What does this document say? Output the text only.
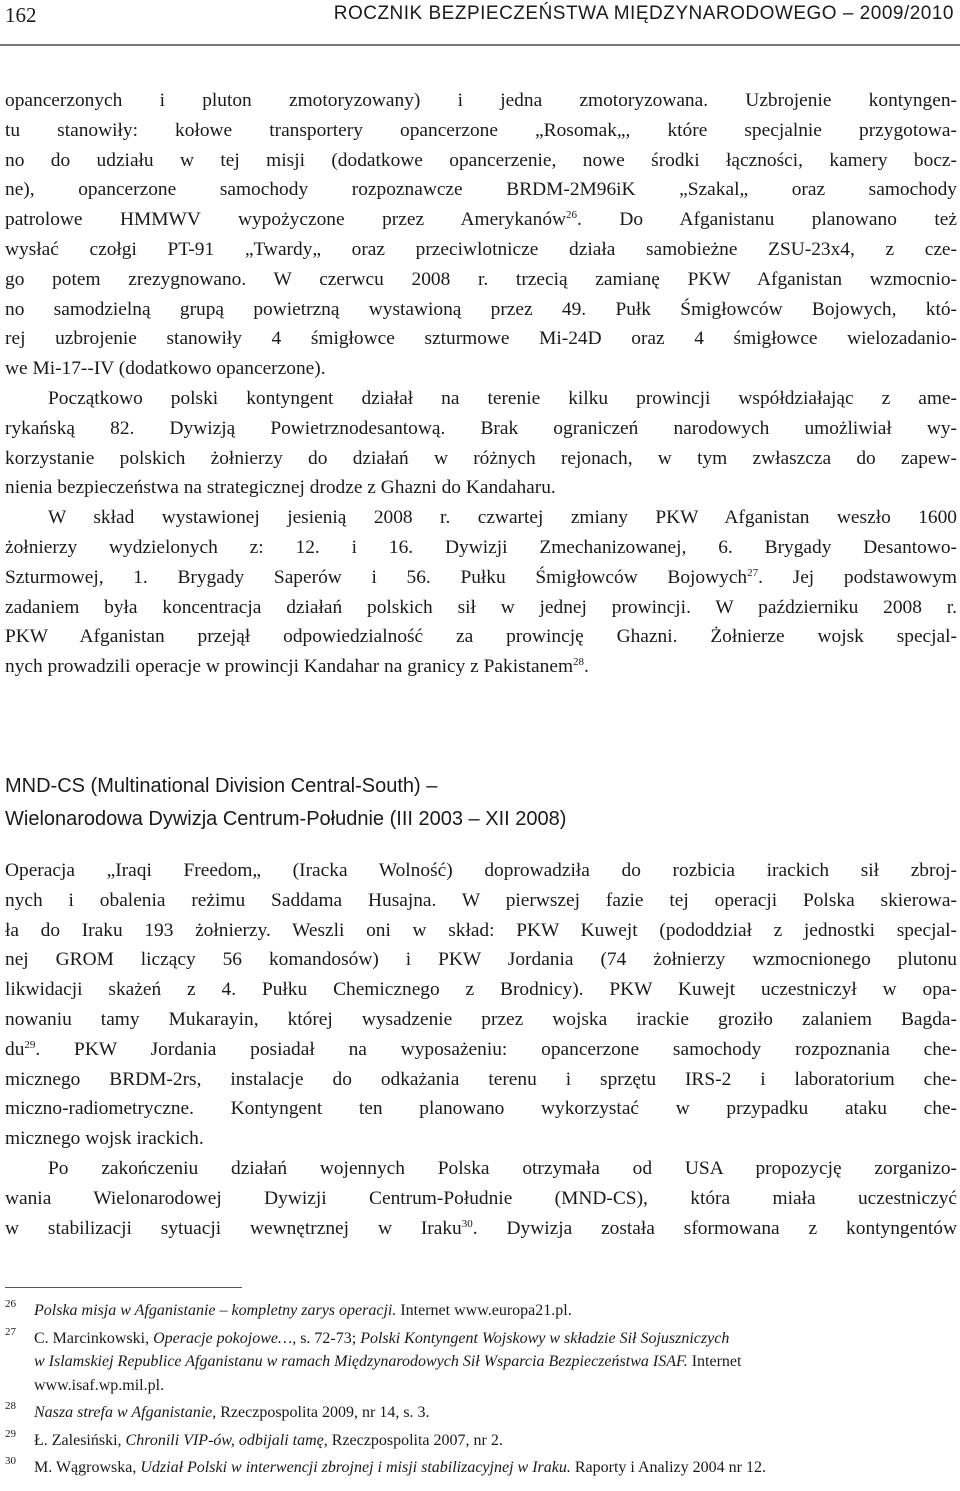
162	ROCZNIK BEZPIECZEŃSTWA MIĘDZYNARODOWEGO – 2009/2010
opancerzonych i pluton zmotoryzowany) i jedna zmotoryzowana. Uzbrojenie kontyngen-
tu stanowiły: kołowe transportery opancerzone „Rosomak„, które specjalnie przygotowa-
no do udziału w tej misji (dodatkowe opancerzenie, nowe środki łączności, kamery bocz-
ne), opancerzone samochody rozpoznawcze BRDM-2M96iK „Szakal„ oraz samochody
patrolowe HMMWV wypożyczone przez Amerykanów$^{26}$. Do Afganistanu planowano też
wysłać czołgi PT-91 „Twardy„ oraz przeciwlotnicze działa samobieżne ZSU-23x4, z cze-
go potem zrezygnowano. W czerwcu 2008 r. trzecią zamianę PKW Afganistan wzmocnio-
no samodzielną grupą powietrzną wystawioną przez 49. Pułk Śmigłowców Bojowych, któ-
rej uzbrojenie stanowiły 4 śmigłowce szturmowe Mi-24D oraz 4 śmigłowce wielozadanio-
we Mi-17--IV (dodatkowo opancerzone).
Początkowo polski kontyngent działał na terenie kilku prowincji współdziałając z ame-
rykańską 82. Dywizją Powietrznodesantową. Brak ograniczeń narodowych umożliwiał wy-
korzystanie polskich żołnierzy do działań w różnych rejonach, w tym zwłaszcza do zapew-
nienia bezpieczeństwa na strategicznej drodze z Ghazni do Kandaharu.
W skład wystawionej jesienią 2008 r. czwartej zmiany PKW Afganistan weszło 1600
żołnierzy wydzielonych z: 12. i 16. Dywizji Zmechanizowanej, 6. Brygady Desantowo-
Szturmowej, 1. Brygady Saperów i 56. Pułku Śmigłowców Bojowych$^{27}$. Jej podstawowym
zadaniem była koncentracja działań polskich sił w jednej prowincji. W październiku 2008 r.
PKW Afganistan przejął odpowiedzialność za prowincję Ghazni. Żołnierze wojsk specjal-
nych prowadzili operacje w prowincji Kandahar na granicy z Pakistanem$^{28}$.
MND-CS (Multinational Division Central-South) –
Wielonarodowa Dywizja Centrum-Południe (III 2003 – XII 2008)
Operacja „Iraqi Freedom„ (Iracka Wolność) doprowadziła do rozbicia irackich sił zbroj-
nych i obalenia reżimu Saddama Husajna. W pierwszej fazie tej operacji Polska skierowa-
ła do Iraku 193 żołnierzy. Weszli oni w skład: PKW Kuwejt (pododdział z jednostki specjal-
nej GROM liczący 56 komandosów) i PKW Jordania (74 żołnierzy wzmocnionego plutonu
likwidacji skażeń z 4. Pułku Chemicznego z Brodnicy). PKW Kuwejt uczestniczył w opa-
nowaniu tamy Mukarayin, której wysadzenie przez wojska irackie groziło zalaniem Bagda-
$du^{29}$. PKW Jordania posiadał na wyposażeniu: opancerzone samochody rozpoznania che-
micznego BRDM-2rs, instalacje do odkażania terenu i sprzętu IRS-2 i laboratorium che-
miczno-radiometryczne. Kontyngent ten planowano wykorzystać w przypadku ataku che-
micznego wojsk irackich.
Po zakończeniu działań wojennych Polska otrzymała od USA propozycję zorganizo-
wania Wielonarodowej Dywizji Centrum-Południe (MND-CS), która miała uczestniczyć
w stabilizacji sytuacji wewnętrznej w Iraku$^{30}$. Dywizja została sformowana z kontyngentów
26 Polska misja w Afganistanie – kompletny zarys operacji. Internet www.europa21.pl.
27 C. Marcinkowski, Operacje pokojowe…, s. 72-73; Polski Kontyngent Wojskowy w składzie Sił Sojuszniczych
w Islamskiej Republice Afganistanu w ramach Międzynarodowych Sił Wsparcia Bezpieczeństwa ISAF. Internet
www.isaf.wp.mil.pl.
28 Nasza strefa w Afganistanie, Rzeczpospolita 2009, nr 14, s. 3.
29 Ł. Zalesiński, Chronili VIP-ów, odbijali tamę, Rzeczpospolita 2007, nr 2.
30 M. Wągrowska, Udział Polski w interwencji zbrojnej i misji stabilizacyjnej w Iraku. Raporty i Analizy 2004 nr 12.
